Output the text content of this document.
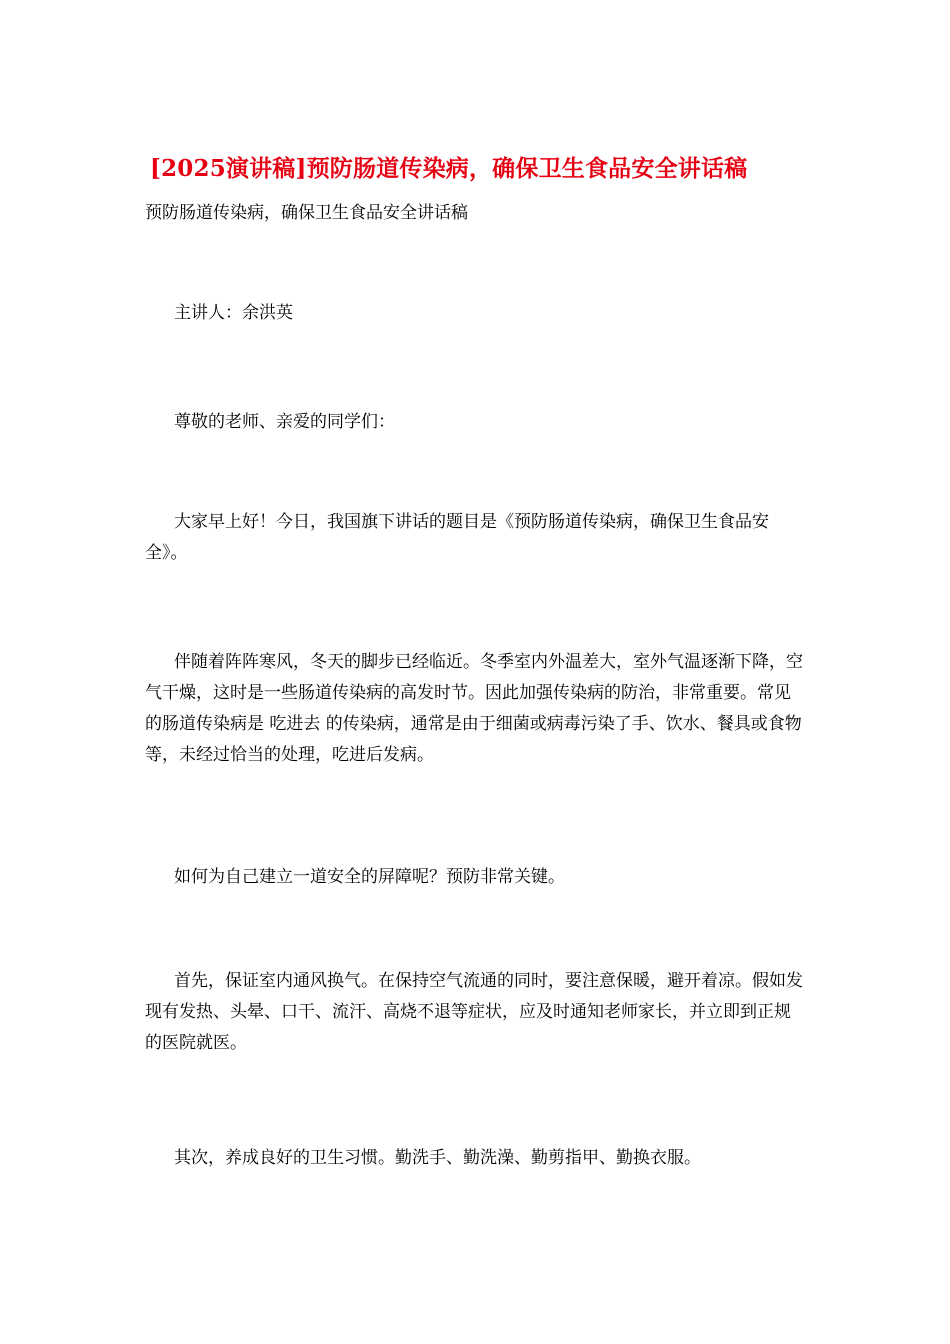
[2025演讲稿]预防肠道传染病，确保卫生食品安全讲话稿
预防肠道传染病，确保卫生食品安全讲话稿

主讲人：余洪英

尊敬的老师、亲爱的同学们：

大家早上好！今日，我国旗下讲话的题目是《预防肠道传染病，确保卫生食品安全》。

伴随着阵阵寒风，冬天的脚步已经临近。冬季室内外温差大，室外气温逐渐下降，空气干燥，这时是一些肠道传染病的高发时节。因此加强传染病的防治，非常重要。常见的肠道传染病是 吃进去 的传染病，通常是由于细菌或病毒污染了手、饮水、餐具或食物等，未经过恰当的处理，吃进后发病。

如何为自己建立一道安全的屏障呢？预防非常关键。

首先，保证室内通风换气。在保持空气流通的同时，要注意保暖，避开着凉。假如发现有发热、头晕、口干、流汗、高烧不退等症状，应及时通知老师家长，并立即到正规的医院就医。

其次，养成良好的卫生习惯。勤洗手、勤洗澡、勤剪指甲、勤换衣服。
